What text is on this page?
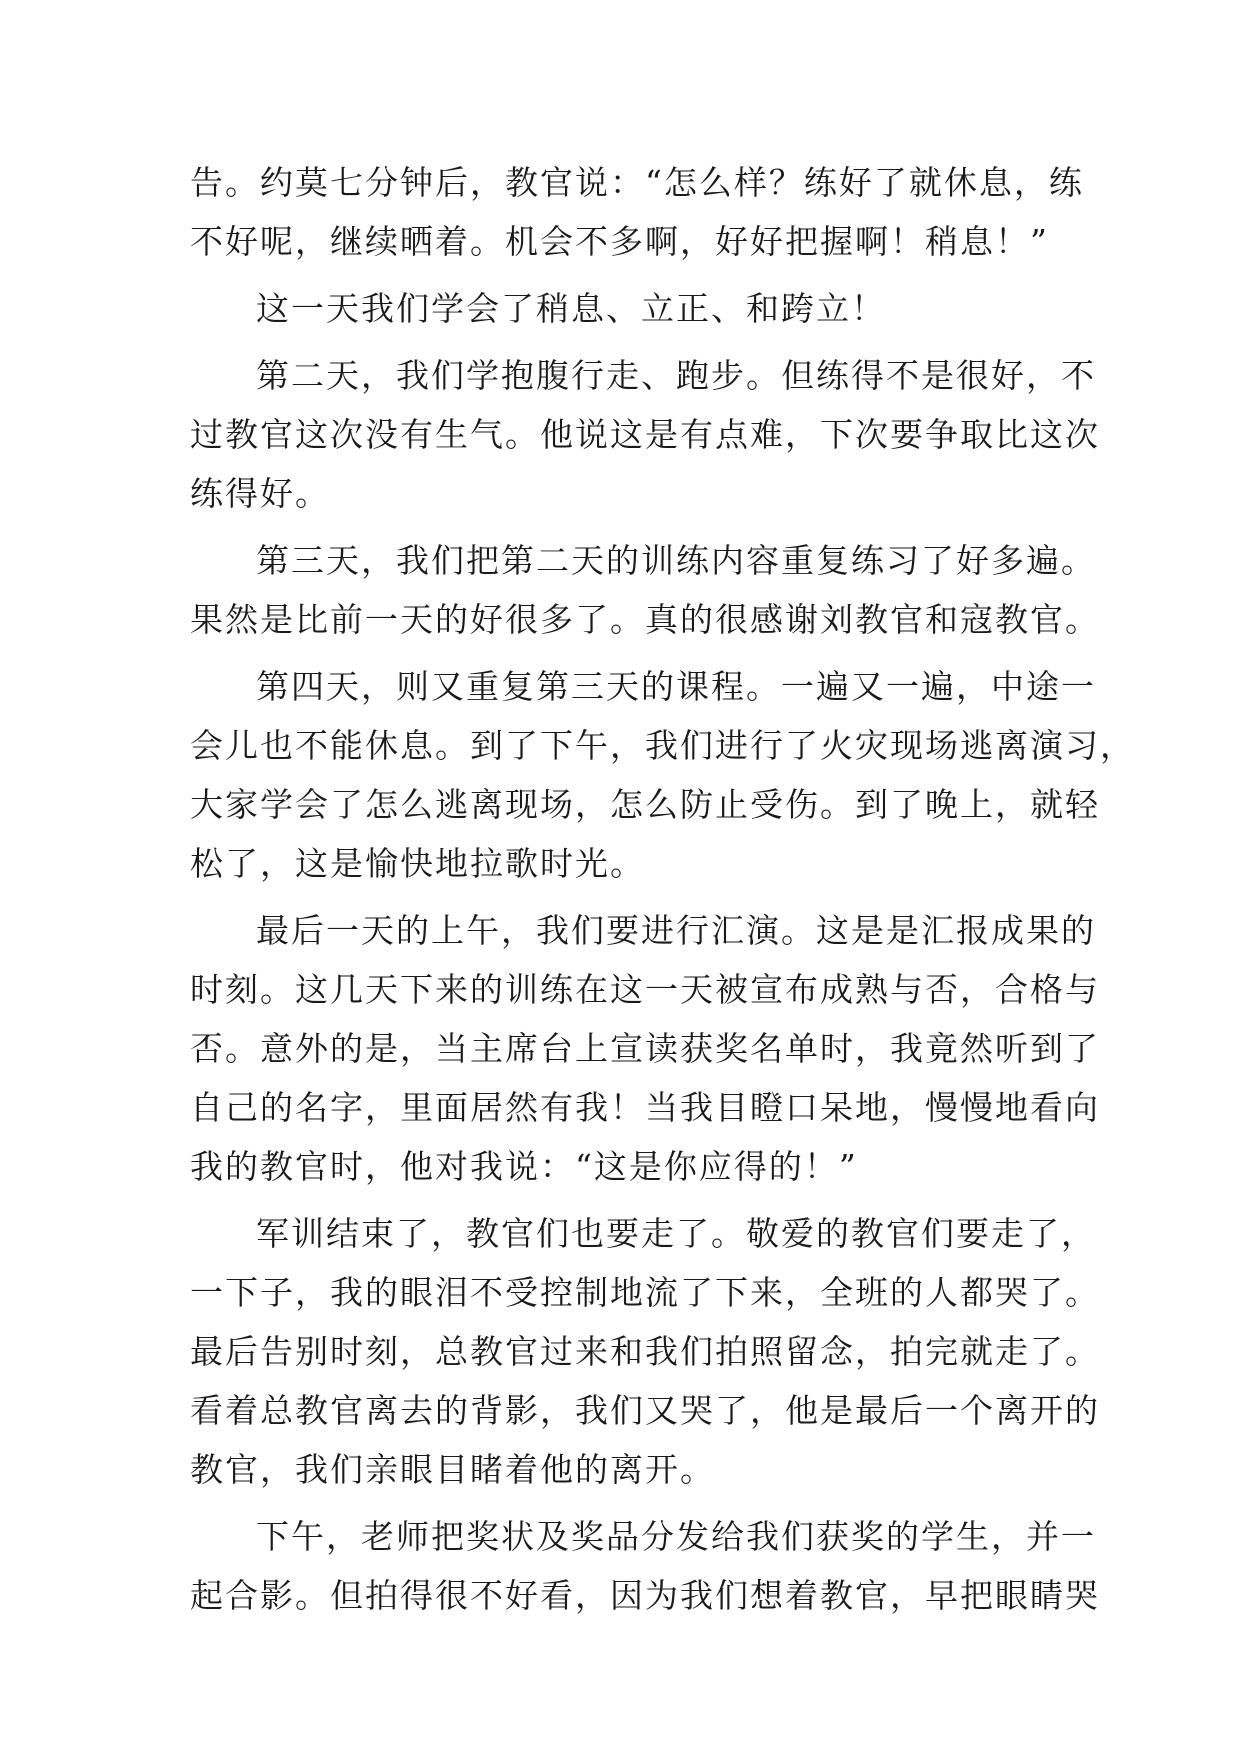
告。约莫七分钟后，教官说：“怎么样？练好了就休息，练
不好呢，继续晒着。机会不多啊，好好把握啊！稍息！”
这一天我们学会了稍息、立正、和跨立！
第二天，我们学抱腹行走、跑步。但练得不是很好，不
过教官这次没有生气。他说这是有点难，下次要争取比这次
练得好。
第三天，我们把第二天的训练内容重复练习了好多遍。
果然是比前一天的好很多了。真的很感谢刘教官和寇教官。
第四天，则又重复第三天的课程。一遍又一遍，中途一
会儿也不能休息。到了下午，我们进行了火灾现场逃离演习，
大家学会了怎么逃离现场，怎么防止受伤。到了晚上，就轻
松了，这是愉快地拉歌时光。
最后一天的上午，我们要进行汇演。这是是汇报成果的
时刻。这几天下来的训练在这一天被宣布成熟与否，合格与
否。意外的是，当主席台上宣读获奖名单时，我竟然听到了
自己的名字，里面居然有我！当我目瞪口呆地，慢慢地看向
我的教官时，他对我说：“这是你应得的！”
军训结束了，教官们也要走了。敬爱的教官们要走了，
一下子，我的眼泪不受控制地流了下来，全班的人都哭了。
最后告别时刻，总教官过来和我们拍照留念，拍完就走了。
看着总教官离去的背影，我们又哭了，他是最后一个离开的
教官，我们亲眼目睹着他的离开。
下午，老师把奖状及奖品分发给我们获奖的学生，并一
起合影。但拍得很不好看，因为我们想着教官，早把眼睛哭
